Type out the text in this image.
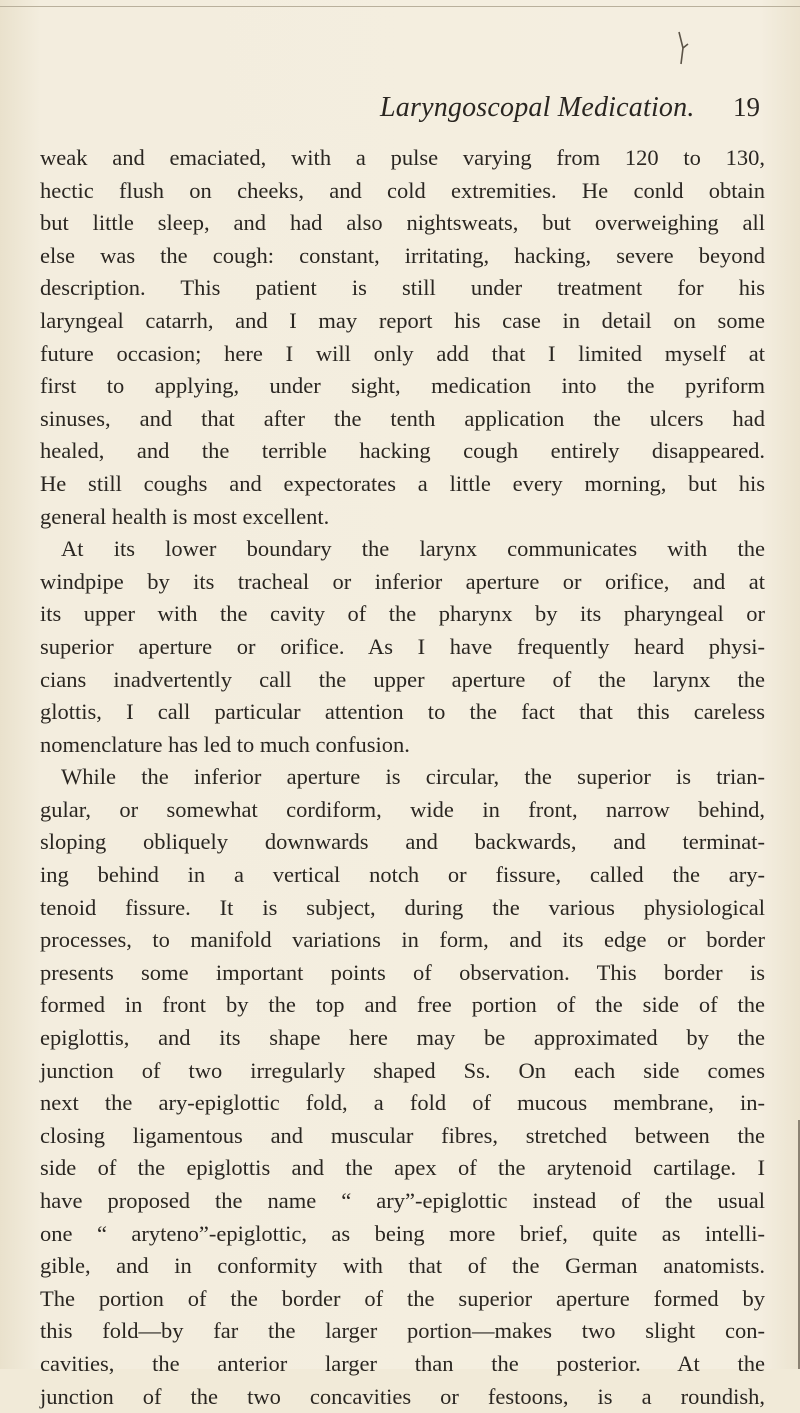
Laryngoscopal Medication. 19
weak and emaciated, with a pulse varying from 120 to 130,
hectic flush on cheeks, and cold extremities. He conld obtain
but little sleep, and had also nightsweats, but overweighing all
else was the cough: constant, irritating, hacking, severe beyond
description. This patient is still under treatment for his
laryngeal catarrh, and I may report his case in detail on some
future occasion; here I will only add that I limited myself at
first to applying, under sight, medication into the pyriform
sinuses, and that after the tenth application the ulcers had
healed, and the terrible hacking cough entirely disappeared.
He still coughs and expectorates a little every morning, but his
general health is most excellent.
At its lower boundary the larynx communicates with the
windpipe by its tracheal or inferior aperture or orifice, and at
its upper with the cavity of the pharynx by its pharyngeal or
superior aperture or orifice. As I have frequently heard physi-
cians inadvertently call the upper aperture of the larynx the
glottis, I call particular attention to the fact that this careless
nomenclature has led to much confusion.
While the inferior aperture is circular, the superior is trian-
gular, or somewhat cordiform, wide in front, narrow behind,
sloping obliquely downwards and backwards, and terminat-
ing behind in a vertical notch or fissure, called the ary-
tenoid fissure. It is subject, during the various physiological
processes, to manifold variations in form, and its edge or border
presents some important points of observation. This border is
formed in front by the top and free portion of the side of the
epiglottis, and its shape here may be approximated by the
junction of two irregularly shaped Ss. On each side comes
next the ary-epiglottic fold, a fold of mucous membrane, in-
closing ligamentous and muscular fibres, stretched between the
side of the epiglottis and the apex of the arytenoid cartilage. I
have proposed the name “ ary”-epiglottic instead of the usual
one “ aryteno”-epiglottic, as being more brief, quite as intelli-
gible, and in conformity with that of the German anatomists.
The portion of the border of the superior aperture formed by
this fold—by far the larger portion—makes two slight con-
cavities, the anterior larger than the posterior. At the
junction of the two concavities or festoons, is a roundish,
